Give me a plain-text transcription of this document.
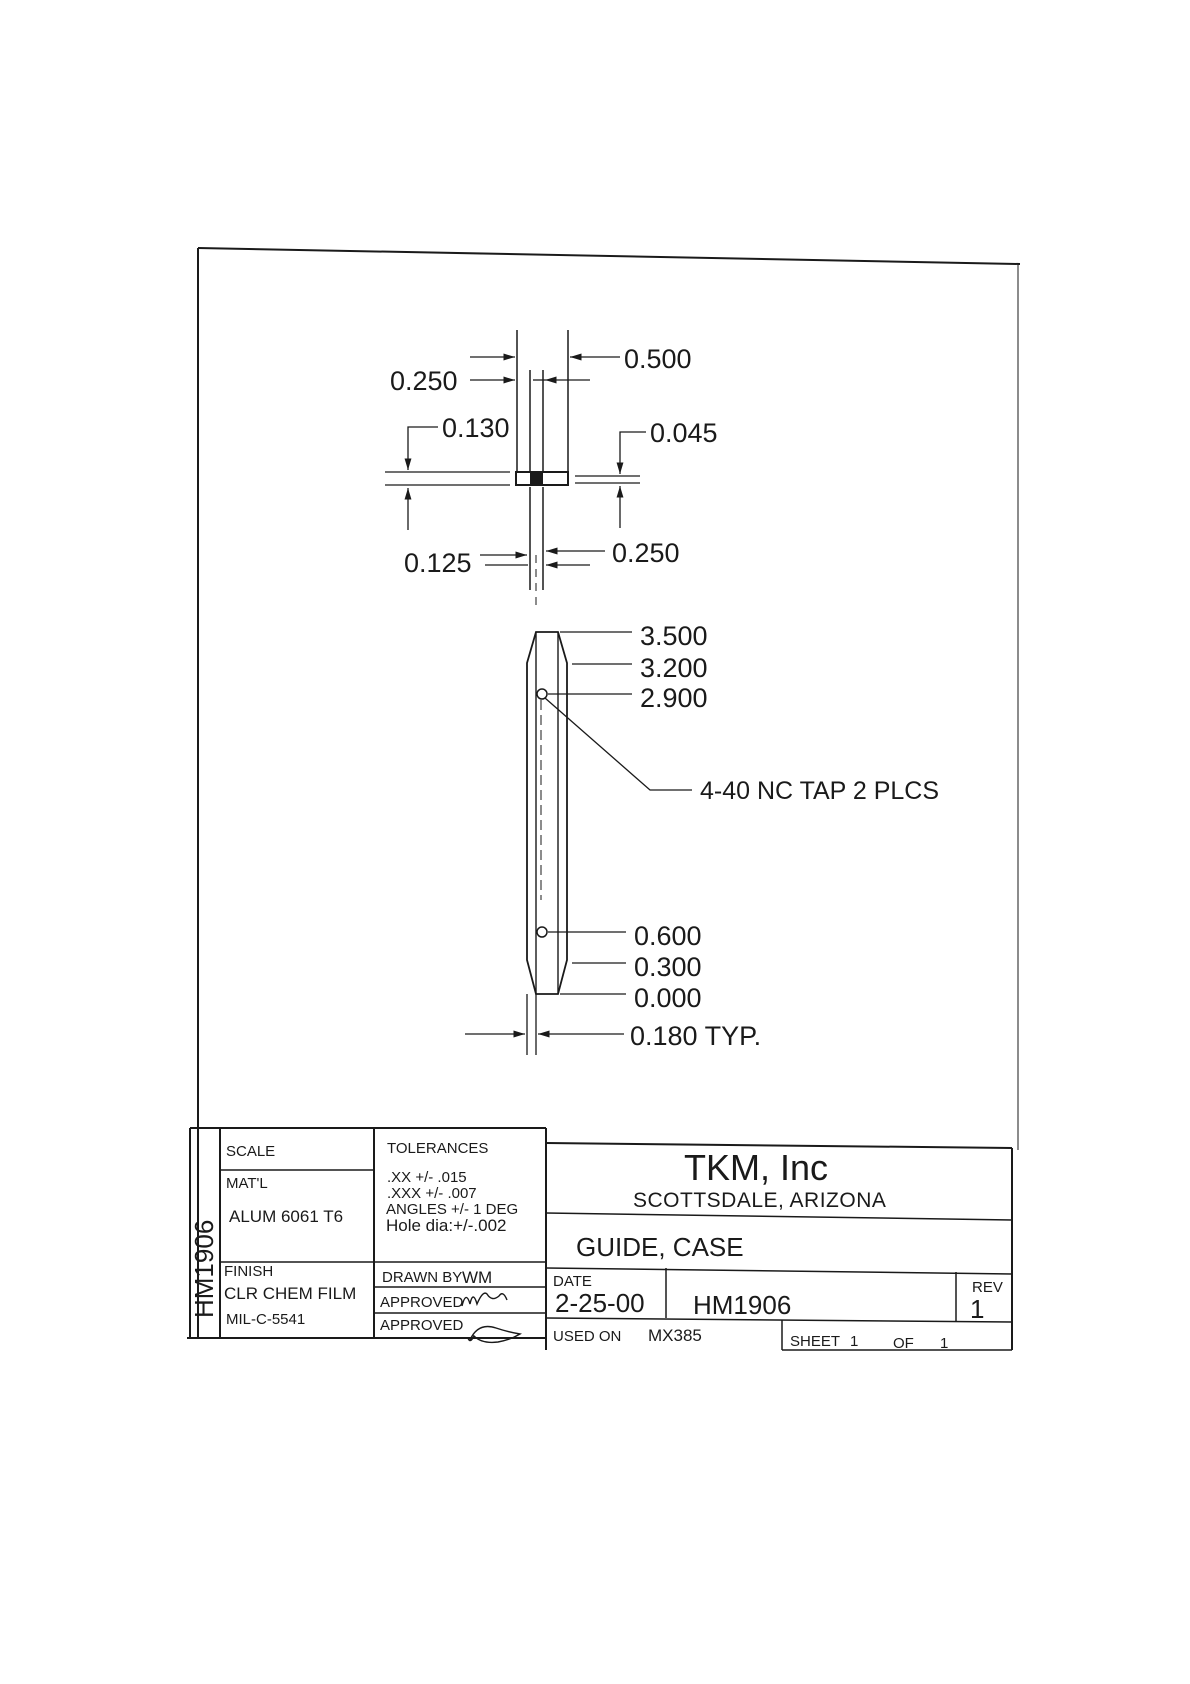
0.500
0.250
0.130	0.045
0.125	0.250
4-40 NC TAP 2 PLCS
3.500
3.200
2.900
0.600
0.300
0.000
0.180 TYP.
HM1906
SCALE
MAT'L
ALUM 6061 T6
FINISH
CLR CHEM FILM
MIL-C-5541
TOLERANCES
.XX +/- .015
.XXX +/- .007
ANGLES +/- 1 DEG
Hole dia:+/-.002
DRAWN BY WM
APPROVED
APPROVED
TKM, Inc
SCOTTSDALE, ARIZONA
GUIDE, CASE
DATE
2-25-00 HM1906
REV
1
USED ON MX385	SHEET 1 OF 1
